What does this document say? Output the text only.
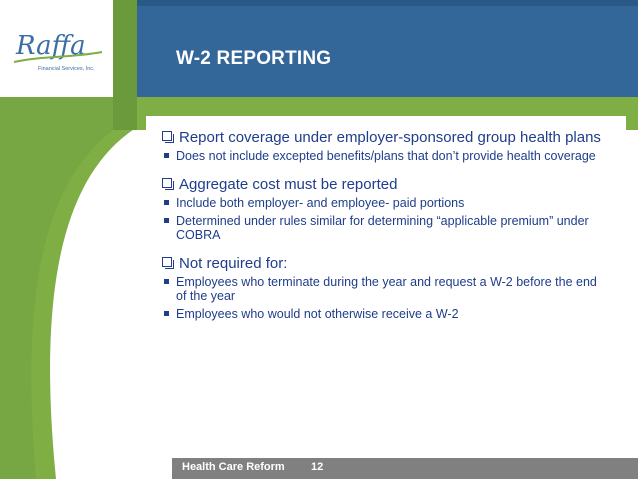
Raffa
Financial Services, Inc.	W-2 REPORTING
Report coverage under employer-sponsored group health plans
Does not include excepted benefits/plans that don’t provide health coverage
Aggregate cost must be reported
Include both employer- and employee- paid portions
Determined under rules similar for determining “applicable premium” under COBRA
Not required for:
Employees who terminate during the year and request a W-2 before the end of the year
Employees who would not otherwise receive a W-2
Health Care Reform 12
